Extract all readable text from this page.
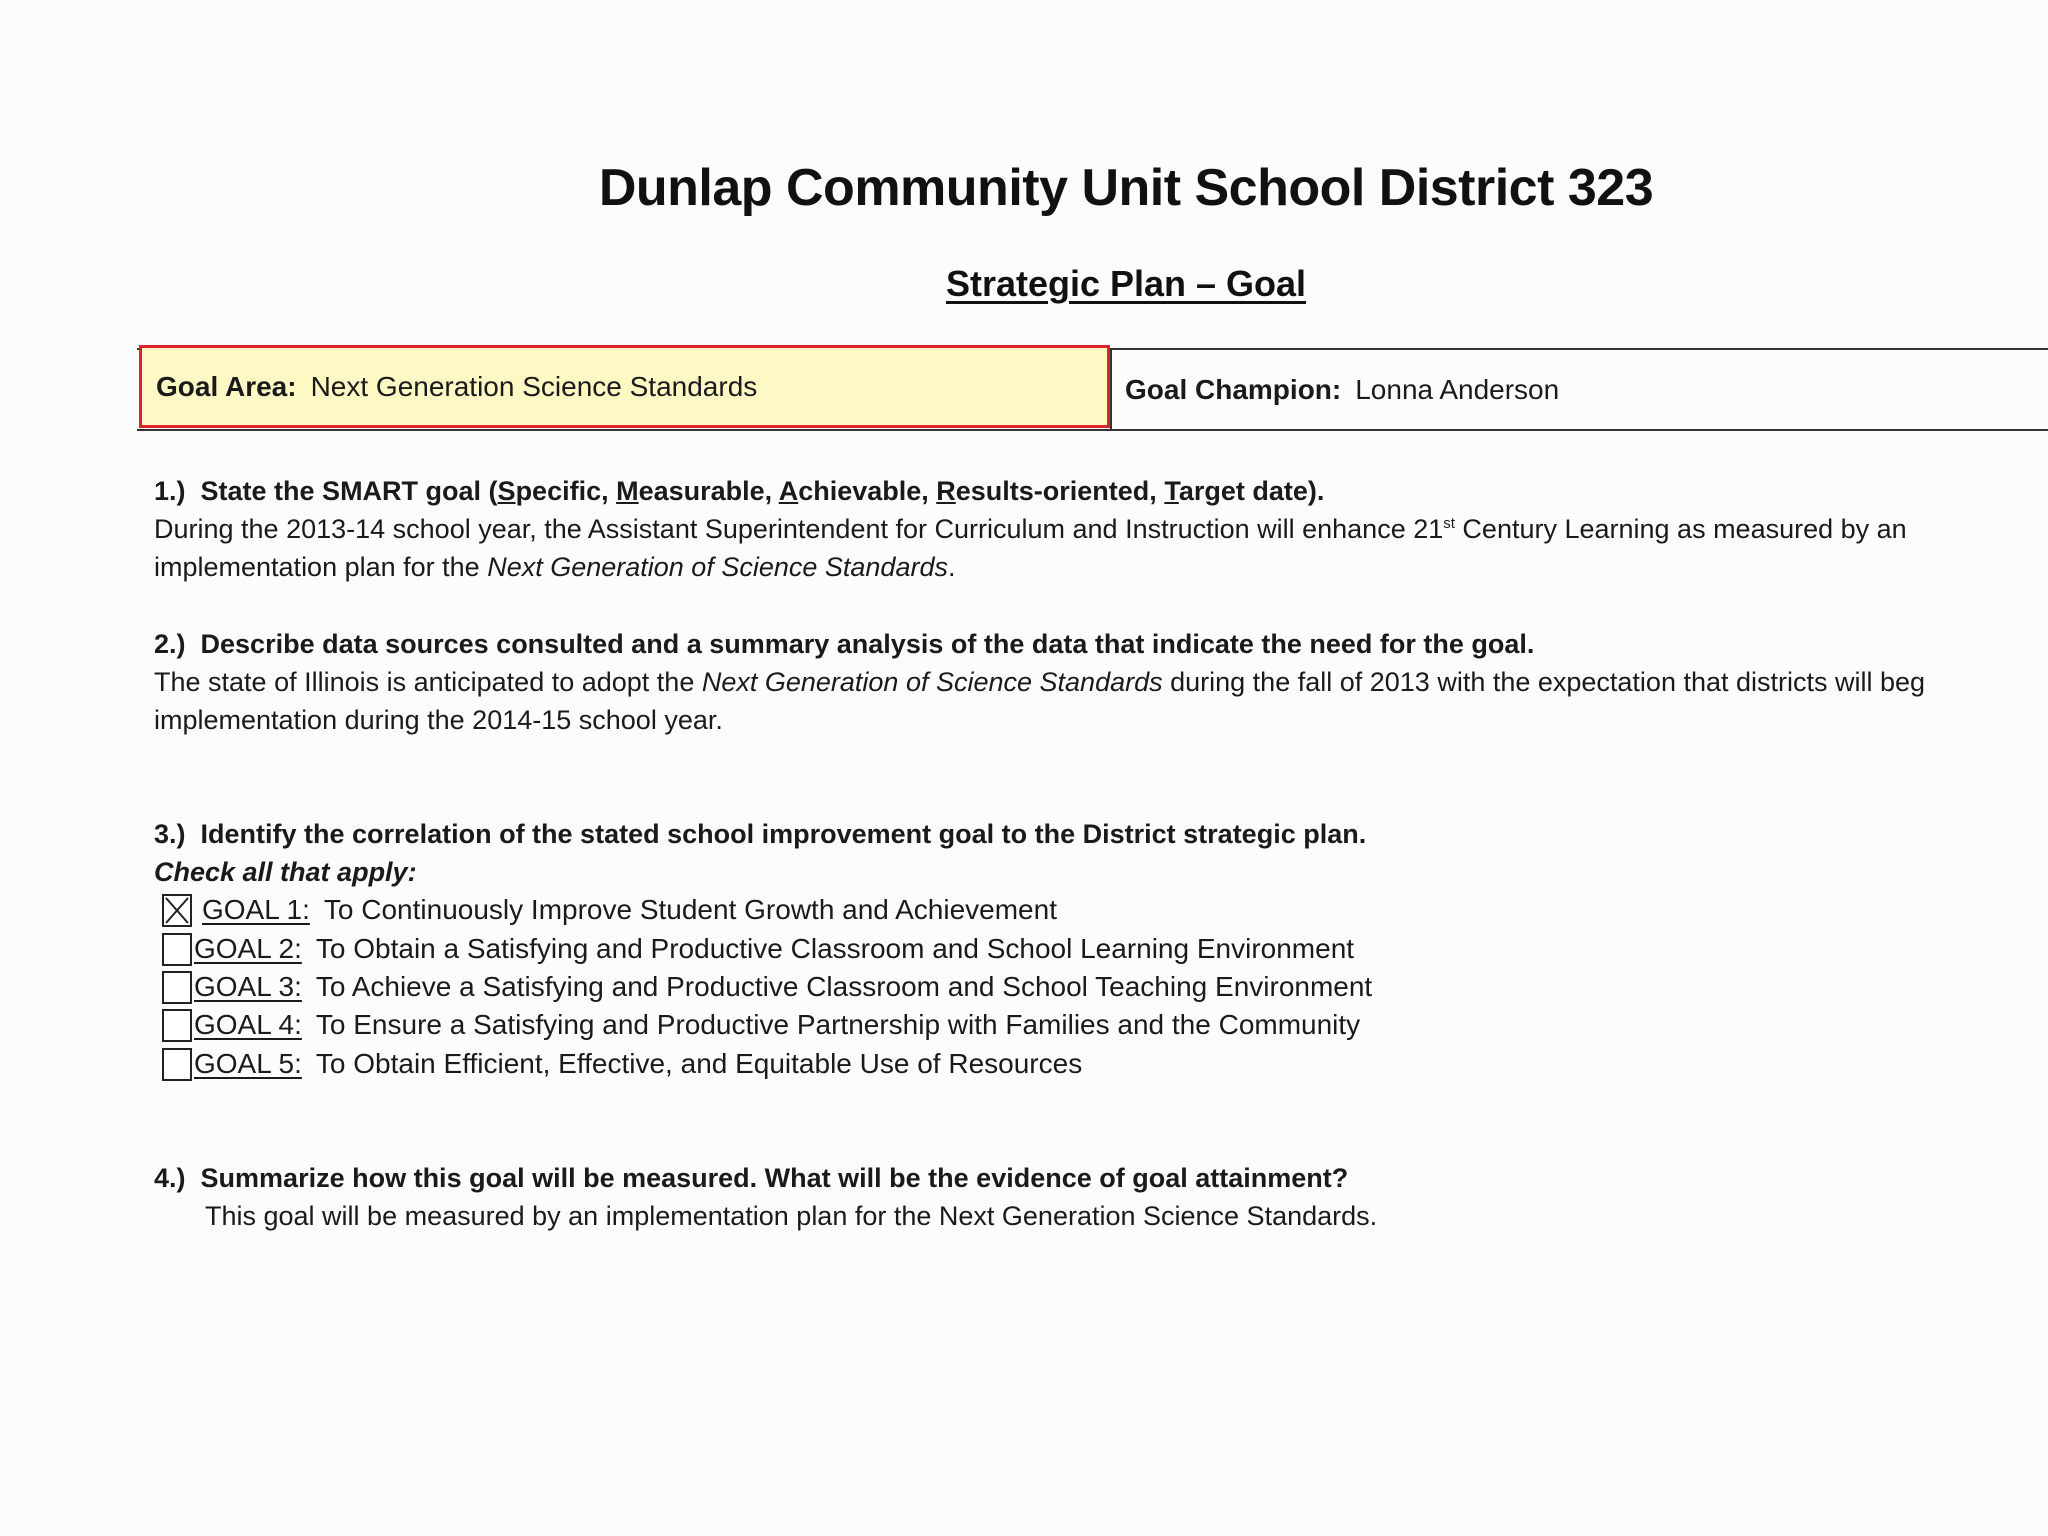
Dunlap Community Unit School District 323
Strategic Plan – Goal
Goal Area: Next Generation Science Standards	Goal Champion: Lonna Anderson
1.) State the SMART goal (Specific, Measurable, Achievable, Results-oriented, Target date).
During the 2013-14 school year, the Assistant Superintendent for Curriculum and Instruction will enhance 21st Century Learning as measured by an
implementation plan for the Next Generation of Science Standards.
2.) Describe data sources consulted and a summary analysis of the data that indicate the need for the goal.
The state of Illinois is anticipated to adopt the Next Generation of Science Standards during the fall of 2013 with the expectation that districts will beg
implementation during the 2014-15 school year.
3.) Identify the correlation of the stated school improvement goal to the District strategic plan.
Check all that apply:
GOAL 1: To Continuously Improve Student Growth and Achievement
GOAL 2: To Obtain a Satisfying and Productive Classroom and School Learning Environment
GOAL 3: To Achieve a Satisfying and Productive Classroom and School Teaching Environment
GOAL 4: To Ensure a Satisfying and Productive Partnership with Families and the Community
GOAL 5: To Obtain Efficient, Effective, and Equitable Use of Resources
4.) Summarize how this goal will be measured. What will be the evidence of goal attainment?
This goal will be measured by an implementation plan for the Next Generation Science Standards.
